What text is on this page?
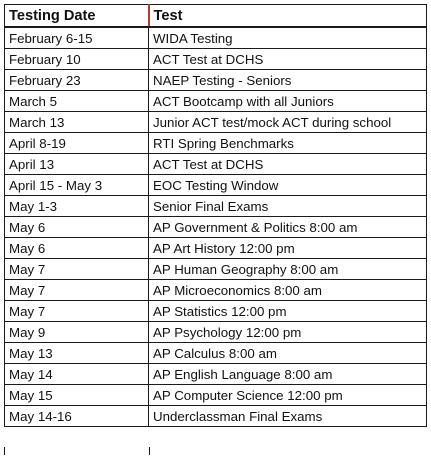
Testing Date	Test
February 6-15	WIDA Testing
February 10	ACT Test at DCHS
February 23	NAEP Testing - Seniors
March 5	ACT Bootcamp with all Juniors
March 13	Junior ACT test/mock ACT during school
April 8-19	RTI Spring Benchmarks
April 13	ACT Test at DCHS
April 15 - May 3	EOC Testing Window
May 1-3	Senior Final Exams
May 6	AP Government & Politics 8:00 am
May 6	AP Art History 12:00 pm
May 7	AP Human Geography 8:00 am
May 7	AP Microeconomics 8:00 am
May 7	AP Statistics 12:00 pm
May 9	AP Psychology 12:00 pm
May 13	AP Calculus 8:00 am
May 14	AP English Language 8:00 am
May 15	AP Computer Science 12:00 pm
May 14-16	Underclassman Final Exams
